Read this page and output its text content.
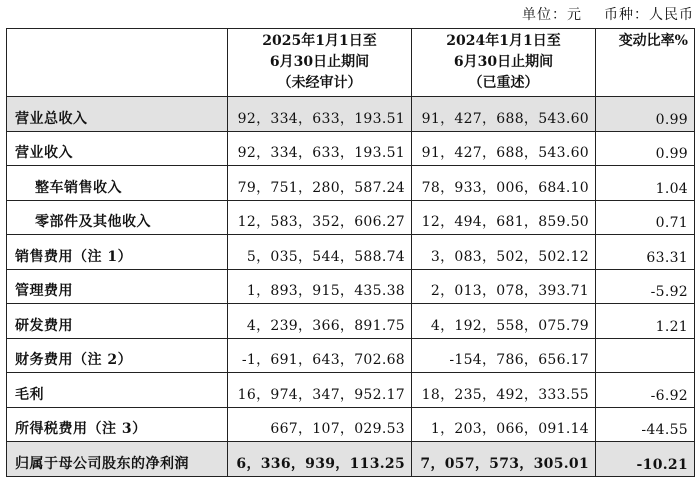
单位：元 币种：人民币

	2025年1月1日至
6月30日止期间
（未经审计）	2024年1月1日至
6月30日止期间
（已重述）	变动比率%
营业总收入	92，334，633，193.51	91，427，688，543.60	0.99
营业收入	92，334，633，193.51	91，427，688，543.60	0.99
整车销售收入	79，751，280，587.24	78，933，006，684.10	1.04
零部件及其他收入	12，583，352，606.27	12，494，681，859.50	0.71
销售费用（注 1）	5，035，544，588.74	3，083，502，502.12	63.31
管理费用	1，893，915，435.38	2，013，078，393.71	-5.92
研发费用	4，239，366，891.75	4，192，558，075.79	1.21
财务费用（注 2）	-1，691，643，702.68	-154，786，656.17	
毛利	16，974，347，952.17	18，235，492，333.55	-6.92
所得税费用（注 3）	667，107，029.53	1，203，066，091.14	-44.55
归属于母公司股东的净利润	6，336，939，113.25	7，057，573，305.01	-10.21
